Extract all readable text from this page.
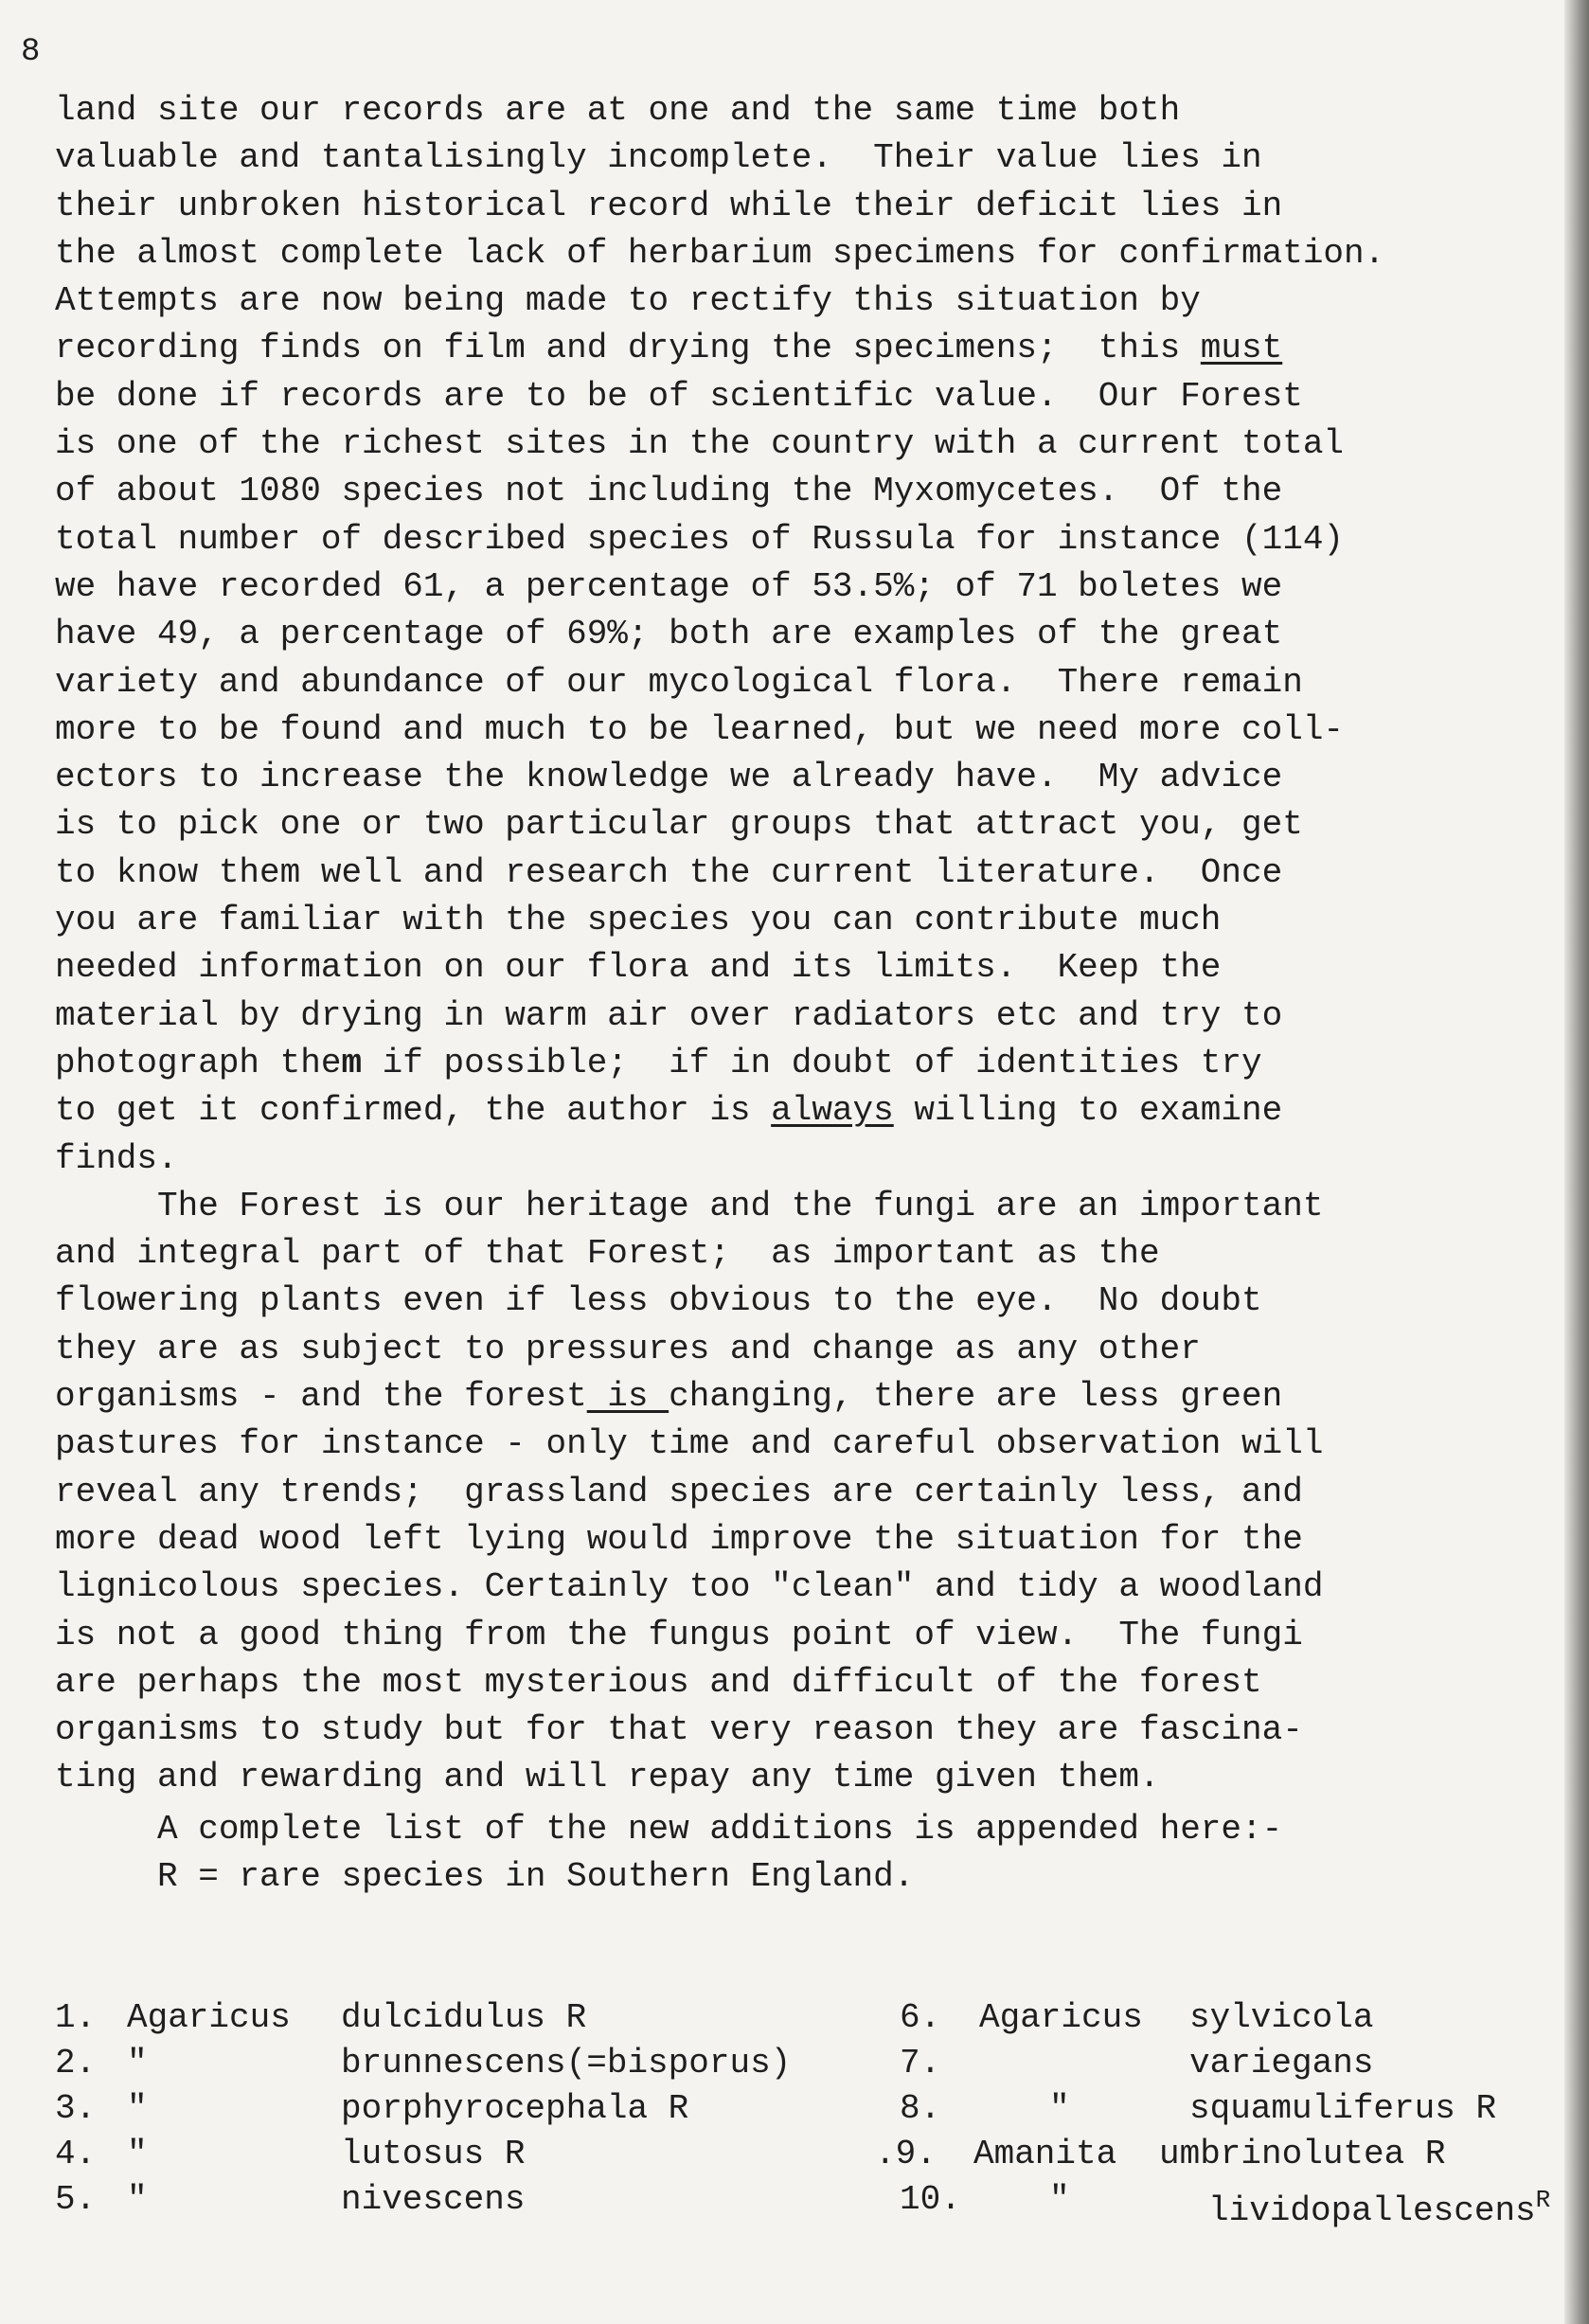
8
land site our records are at one and the same time both
valuable and tantalisingly incomplete.  Their value lies in
their unbroken historical record while their deficit lies in
the almost complete lack of herbarium specimens for confirmation.
Attempts are now being made to rectify this situation by
recording finds on film and drying the specimens;  this must
be done if records are to be of scientific value.  Our Forest
is one of the richest sites in the country with a current total
of about 1080 species not including the Myxomycetes.  Of the
total number of described species of Russula for instance (114)
we have recorded 61, a percentage of 53.5%; of 71 boletes we
have 49, a percentage of 69%; both are examples of the great
variety and abundance of our mycological flora.  There remain
more to be found and much to be learned, but we need more coll-
ectors to increase the knowledge we already have.  My advice
is to pick one or two particular groups that attract you, get
to know them well and research the current literature.  Once
you are familiar with the species you can contribute much
needed information on our flora and its limits.  Keep the
material by drying in warm air over radiators etc and try to
photograph them if possible;  if in doubt of identities try
to get it confirmed, the author is always willing to examine
finds.
The Forest is our heritage and the fungi are an important
and integral part of that Forest;  as important as the
flowering plants even if less obvious to the eye.  No doubt
they are as subject to pressures and change as any other
organisms - and the forest is changing, there are less green
pastures for instance - only time and careful observation will
reveal any trends;  grassland species are certainly less, and
more dead wood left lying would improve the situation for the
lignicolous species. Certainly too "clean" and tidy a woodland
is not a good thing from the fungus point of view.  The fungi
are perhaps the most mysterious and difficult of the forest
organisms to study but for that very reason they are fascina-
ting and rewarding and will repay any time given them.
A complete list of the new additions is appended here:-
R = rare species in Southern England.
1. Agaricus dulcidulus R	6. Agaricus sylvicola
2. "	brunnescens(=bisporus)	7.	variegans
3. "	porphyrocephala R	8.	"	squamuliferus R
4. "	lutosus R	.9. Amanita umbrinolutea R
5. "	nivescens	10.	"	lividopallescens$^R$
